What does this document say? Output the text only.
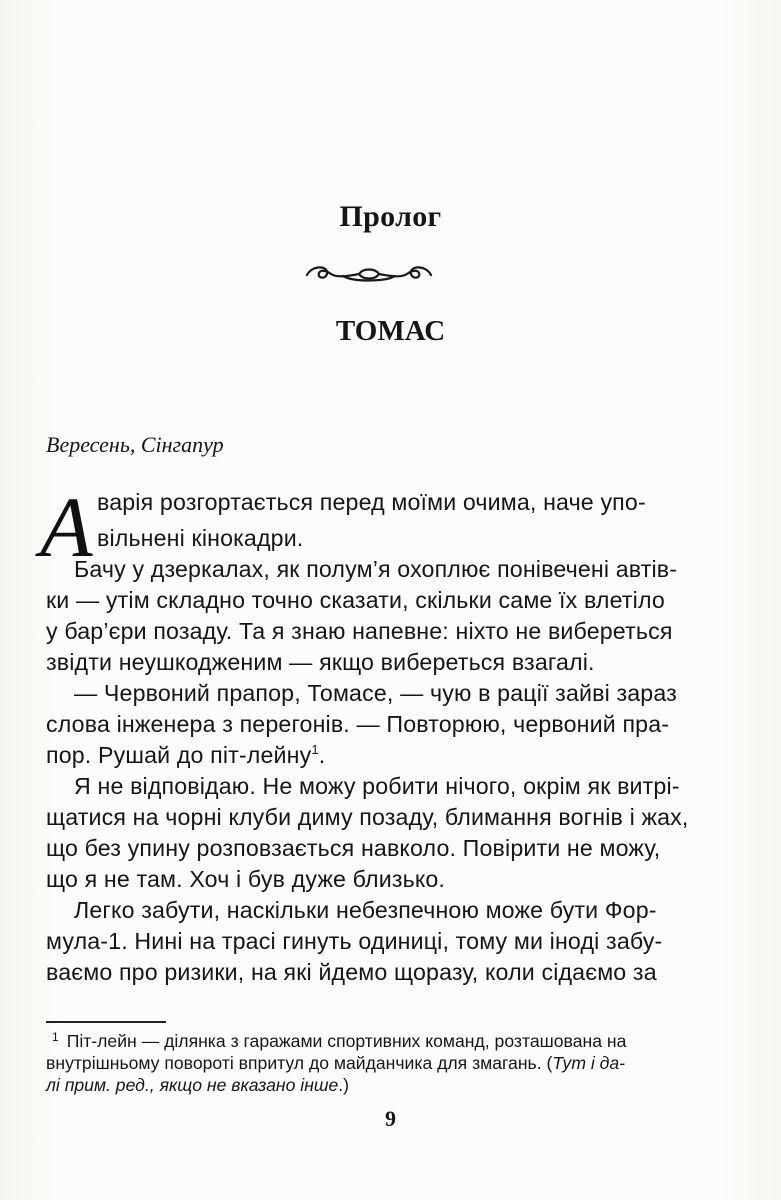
Пролог
ТОМАС
Вересень, Сінгапур
А варія розгортається перед моїми очима, наче упо-
вільнені кінокадри.
Бачу у дзеркалах, як полум’я охоплює понівечені автів-
ки — утім складно точно сказати, скільки саме їх влетіло
у бар’єри позаду. Та я знаю напевне: ніхто не вибереться
звідти неушкодженим — якщо вибереться взагалі.
— Червоний прапор, Томасе, — чую в рації зайві зараз
слова інженера з перегонів. — Повторюю, червоний пра-
пор. Рушай до піт-лейну$^1$.
Я не відповідаю. Не можу робити нічого, окрім як витрі-
щатися на чорні клуби диму позаду, блимання вогнів і жах,
що без упину розповзається навколо. Повірити не можу,
що я не там. Хоч і був дуже близько.
Легко забути, наскільки небезпечною може бути Фор-
мула-1. Нині на трасі гинуть одиниці, тому ми іноді забу-
ваємо про ризики, на які йдемо щоразу, коли сідаємо за
$^1$ Піт-лейн — ділянка з гаражами спортивних команд, розташована на
внутрішньому повороті впритул до майданчика для змагань. (Тут і да-
лі прим. ред., якщо не вказано інше.)
9
